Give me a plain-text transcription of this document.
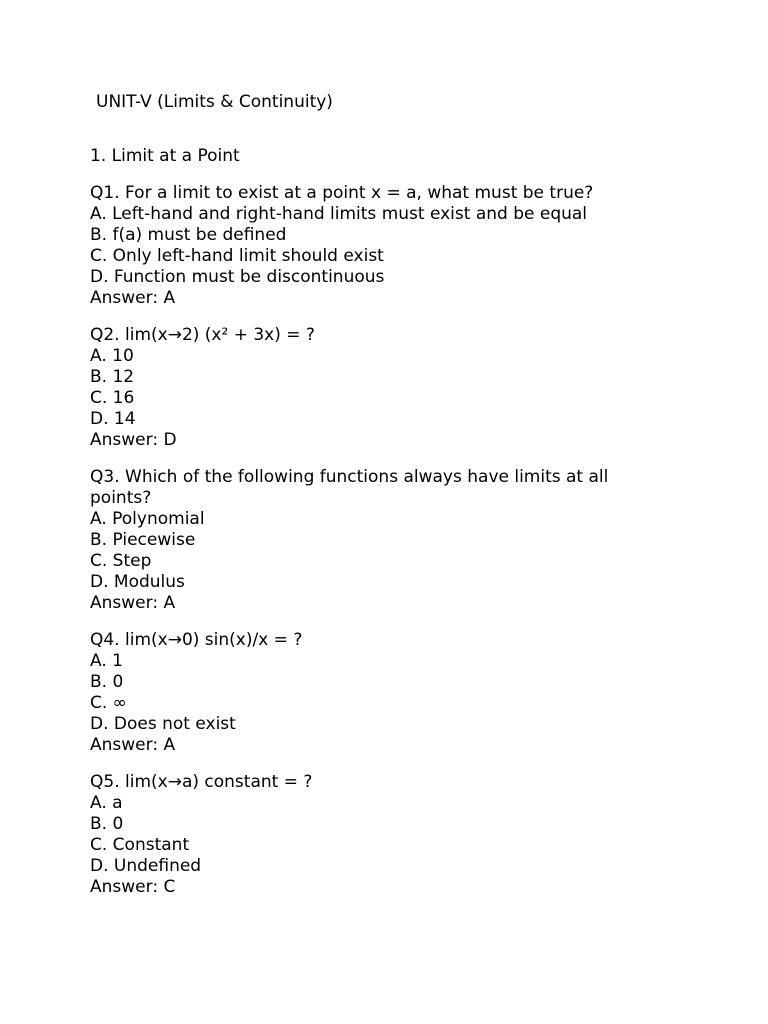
UNIT-V (Limits & Continuity)
1. Limit at a Point
Q1. For a limit to exist at a point x = a, what must be true?
A. Left-hand and right-hand limits must exist and be equal
B. f(a) must be defined
C. Only left-hand limit should exist
D. Function must be discontinuous
Answer: A
Q2. lim(x→2) (x² + 3x) = ?
A. 10
B. 12
C. 16
D. 14
Answer: D
Q3. Which of the following functions always have limits at all points?
A. Polynomial
B. Piecewise
C. Step
D. Modulus
Answer: A
Q4. lim(x→0) sin(x)/x = ?
A. 1
B. 0
C. ∞
D. Does not exist
Answer: A
Q5. lim(x→a) constant = ?
A. a
B. 0
C. Constant
D. Undefined
Answer: C
